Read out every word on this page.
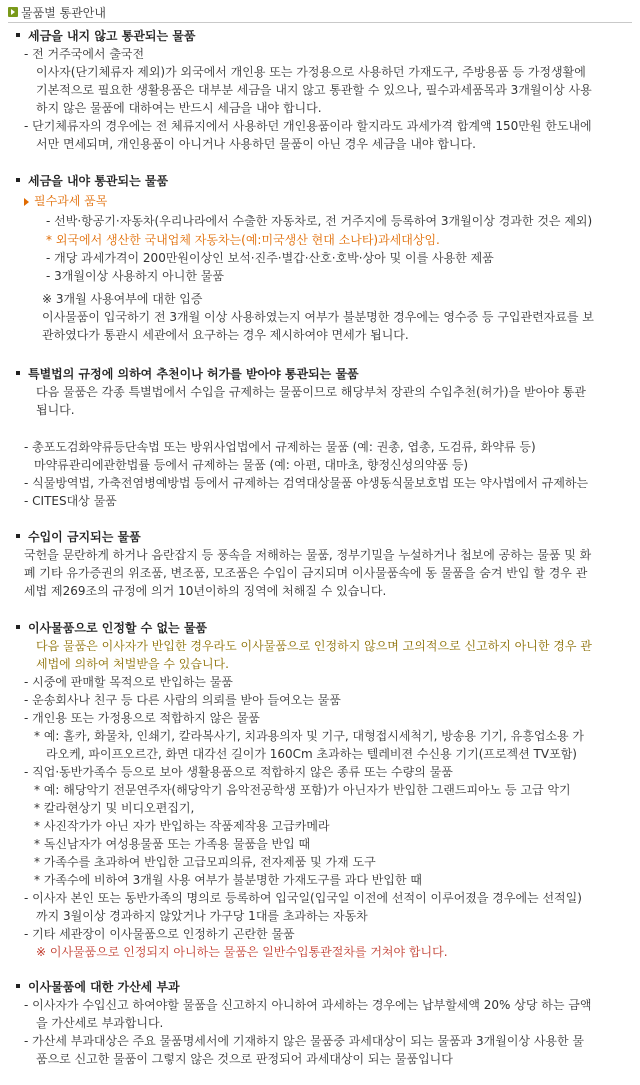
물품별 통관안내
세금을 내지 않고 통관되는 물품
- 전 거주국에서 출국전
이사자(단기체류자 제외)가 외국에서 개인용 또는 가정용으로 사용하던 가재도구, 주방용품 등 가정생활에
기본적으로 필요한 생활용품은 대부분 세금을 내지 않고 통관할 수 있으나, 필수과세품목과 3개월이상 사용
하지 않은 물품에 대하여는 반드시 세금을 내야 합니다.
- 단기체류자의 경우에는 전 체류지에서 사용하던 개인용품이라 할지라도 과세가격 합계액 150만원 한도내에
서만 면세되며, 개인용품이 아니거나 사용하던 물품이 아닌 경우 세금을 내야 합니다.
세금을 내야 통관되는 물품
필수과세 품목
- 선박·항공기·자동차(우리나라에서 수출한 자동차로, 전 거주지에 등록하여 3개월이상 경과한 것은 제외)
* 외국에서 생산한 국내업체 자동차는(예:미국생산 현대 소나타)과세대상임.
- 개당 과세가격이 200만원이상인 보석·진주·별갑·산호·호박·상아 및 이를 사용한 제품
- 3개월이상 사용하지 아니한 물품
※ 3개월 사용여부에 대한 입증
이사물품이 입국하기 전 3개월 이상 사용하였는지 여부가 불분명한 경우에는 영수증 등 구입관련자료를 보
관하였다가 통관시 세관에서 요구하는 경우 제시하여야 면세가 됩니다.
특별법의 규정에 의하여 추천이나 허가를 받아야 통관되는 물품
다음 물품은 각종 특별법에서 수입을 규제하는 물품이므로 해당부처 장관의 수입추천(허가)을 받아야 통관
됩니다.
- 총포도검화약류등단속법 또는 방위사업법에서 규제하는 물품 (예: 권총, 엽총, 도검류, 화약류 등)
마약류관리에관한법률 등에서 규제하는 물품 (예: 아편, 대마초, 향정신성의약품 등)
- 식물방역법, 가축전염병예방법 등에서 규제하는 검역대상물품 야생동식물보호법 또는 약사법에서 규제하는
- CITES대상 물품
수입이 금지되는 물품
국헌을 문란하게 하거나 음란잡지 등 풍속을 저해하는 물품, 정부기밀을 누설하거나 첩보에 공하는 물품 및 화
폐 기타 유가증권의 위조품, 변조품, 모조품은 수입이 금지되며 이사물품속에 동 물품을 숨겨 반입 할 경우 관
세법 제269조의 규정에 의거 10년이하의 징역에 처해질 수 있습니다.
이사물품으로 인정할 수 없는 물품
다음 물품은 이사자가 반입한 경우라도 이사물품으로 인정하지 않으며 고의적으로 신고하지 아니한 경우 관
세법에 의하여 처벌받을 수 있습니다.
- 시중에 판매할 목적으로 반입하는 물품
- 운송회사나 친구 등 다른 사람의 의뢰를 받아 들여오는 물품
- 개인용 또는 가정용으로 적합하지 않은 물품
* 예: 홀카, 화물차, 인쇄기, 칼라복사기, 치과용의자 및 기구, 대형접시세척기, 방송용 기기, 유흥업소용 가
라오케, 파이프오르간, 화면 대각선 길이가 160Cm 초과하는 텔레비젼 수신용 기기(프로젝션 TV포함)
- 직업·동반가족수 등으로 보아 생활용품으로 적합하지 않은 종류 또는 수량의 물품
* 예: 해당악기 전문연주자(해당악기 음악전공학생 포함)가 아닌자가 반입한 그랜드피아노 등 고급 악기
* 칼라현상기 및 비디오편집기,
* 사진작가가 아닌 자가 반입하는 작품제작용 고급카메라
* 독신남자가 여성용물품 또는 가족용 물품을 반입 때
* 가족수를 초과하여 반입한 고급모피의류, 전자제품 및 가재 도구
* 가족수에 비하여 3개월 사용 여부가 불분명한 가재도구를 과다 반입한 때
- 이사자 본인 또는 동반가족의 명의로 등록하여 입국일(입국일 이전에 선적이 이루어졌을 경우에는 선적일)
까지 3월이상 경과하지 않았거나 가구당 1대를 초과하는 자동차
- 기타 세관장이 이사물품으로 인정하기 곤란한 물품
※ 이사물품으로 인정되지 아니하는 물품은 일반수입통관절차를 거쳐야 합니다.
이사물품에 대한 가산세 부과
- 이사자가 수입신고 하여야할 물품을 신고하지 아니하여 과세하는 경우에는 납부할세액 20% 상당 하는 금액
을 가산세로 부과합니다.
- 가산세 부과대상은 주요 물품명세서에 기재하지 않은 물품중 과세대상이 되는 물품과 3개월이상 사용한 물
품으로 신고한 물품이 그렇지 않은 것으로 판정되어 과세대상이 되는 물품입니다
